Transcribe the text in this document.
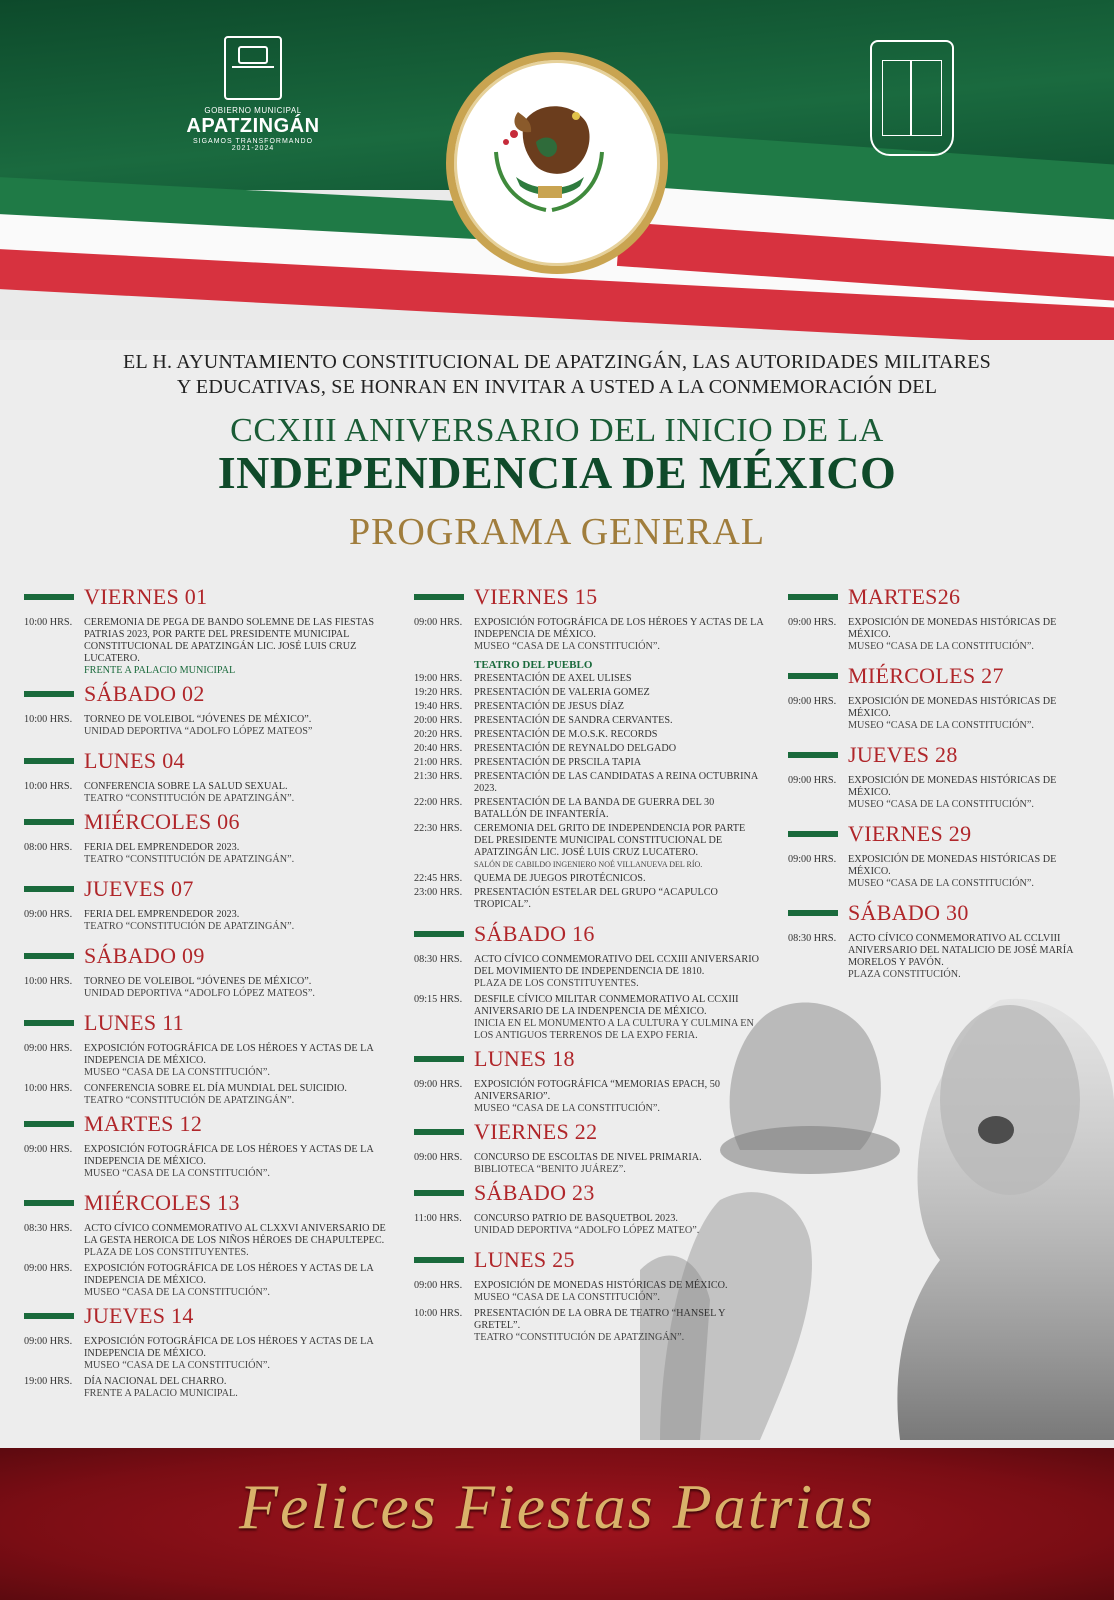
GOBIERNO MUNICIPAL
APATZINGÁN
SIGAMOS TRANSFORMANDO
2021-2024
EL H. AYUNTAMIENTO CONSTITUCIONAL DE APATZINGÁN, LAS AUTORIDADES MILITARES
Y EDUCATIVAS, SE HONRAN EN INVITAR A USTED A LA CONMEMORACIÓN DEL
CCXIII ANIVERSARIO DEL INICIO DE LA
INDEPENDENCIA DE MÉXICO
PROGRAMA GENERAL
VIERNES 01
10:00 HRS.	CEREMONIA DE PEGA DE BANDO SOLEMNE DE LAS FIESTAS PATRIAS 2023, POR PARTE DEL PRESIDENTE MUNICIPAL CONSTITUCIONAL DE APATZINGÁN LIC. JOSÉ LUIS CRUZ LUCATERO.
FRENTE A PALACIO MUNICIPAL
SÁBADO 02
10:00 HRS.	TORNEO DE VOLEIBOL “JÓVENES DE MÉXICO”.
UNIDAD DEPORTIVA “ADOLFO LÓPEZ MATEOS”
LUNES 04
10:00 HRS.	CONFERENCIA SOBRE LA SALUD SEXUAL.
TEATRO “CONSTITUCIÓN DE APATZINGÁN”.
MIÉRCOLES 06
08:00 HRS.	FERIA DEL EMPRENDEDOR 2023.
TEATRO “CONSTITUCIÓN DE APATZINGÁN”.
JUEVES 07
09:00 HRS.	FERIA DEL EMPRENDEDOR 2023.
TEATRO “CONSTITUCIÓN DE APATZINGÁN”.
SÁBADO 09
10:00 HRS.	TORNEO DE VOLEIBOL “JÓVENES DE MÉXICO”.
UNIDAD DEPORTIVA “ADOLFO LÓPEZ MATEOS”.
LUNES 11
09:00 HRS.	EXPOSICIÓN FOTOGRÁFICA DE LOS HÉROES Y ACTAS DE LA INDEPENCIA DE MÉXICO.
MUSEO “CASA DE LA CONSTITUCIÓN”.
10:00 HRS.	CONFERENCIA SOBRE EL DÍA MUNDIAL DEL SUICIDIO.
TEATRO “CONSTITUCIÓN DE APATZINGÁN”.
MARTES 12
09:00 HRS.	EXPOSICIÓN FOTOGRÁFICA DE LOS HÉROES Y ACTAS DE LA INDEPENCIA DE MÉXICO.
MUSEO “CASA DE LA CONSTITUCIÓN”.
MIÉRCOLES 13
08:30 HRS.	ACTO CÍVICO CONMEMORATIVO AL CLXXVI ANIVERSARIO DE LA GESTA HEROICA DE LOS NIÑOS HÉROES DE CHAPULTEPEC.
PLAZA DE LOS CONSTITUYENTES.
09:00 HRS.	EXPOSICIÓN FOTOGRÁFICA DE LOS HÉROES Y ACTAS DE LA INDEPENCIA DE MÉXICO.
MUSEO “CASA DE LA CONSTITUCIÓN”.
JUEVES 14
09:00 HRS.	EXPOSICIÓN FOTOGRÁFICA DE LOS HÉROES Y ACTAS DE LA INDEPENCIA DE MÉXICO.
MUSEO “CASA DE LA CONSTITUCIÓN”.
19:00 HRS.	DÍA NACIONAL DEL CHARRO.
FRENTE A PALACIO MUNICIPAL.
VIERNES 15
09:00 HRS.	EXPOSICIÓN FOTOGRÁFICA DE LOS HÉROES Y ACTAS DE LA INDEPENCIA DE MÉXICO.
MUSEO “CASA DE LA CONSTITUCIÓN”.
TEATRO DEL PUEBLO
19:00 HRS.	PRESENTACIÓN DE AXEL ULISES
19:20 HRS.	PRESENTACIÓN DE VALERIA GOMEZ
19:40 HRS.	PRESENTACIÓN DE JESUS DÍAZ
20:00 HRS.	PRESENTACIÓN DE SANDRA CERVANTES.
20:20 HRS.	PRESENTACIÓN DE M.O.S.K. RECORDS
20:40 HRS.	PRESENTACIÓN DE REYNALDO DELGADO
21:00 HRS.	PRESENTACIÓN DE PRSCILA TAPIA
21:30 HRS.	PRESENTACIÓN DE LAS CANDIDATAS A REINA OCTUBRINA 2023.
22:00 HRS.	PRESENTACIÓN DE LA BANDA DE GUERRA DEL 30 BATALLÓN DE INFANTERÍA.
22:30 HRS.	CEREMONIA DEL GRITO DE INDEPENDENCIA POR PARTE DEL PRESIDENTE MUNICIPAL CONSTITUCIONAL DE APATZINGÁN LIC. JOSÉ LUIS CRUZ LUCATERO.
SALÓN DE CABILDO INGENIERO NOÉ VILLANUEVA DEL RÍO.
22:45 HRS.	QUEMA DE JUEGOS PIROTÉCNICOS.
23:00 HRS.	PRESENTACIÓN ESTELAR DEL GRUPO “ACAPULCO TROPICAL”.
SÁBADO 16
08:30 HRS.	ACTO CÍVICO CONMEMORATIVO DEL CCXIII ANIVERSARIO DEL MOVIMIENTO DE INDEPENDENCIA DE 1810.
PLAZA DE LOS CONSTITUYENTES.
09:15 HRS.	DESFILE CÍVICO MILITAR CONMEMORATIVO AL CCXIII ANIVERSARIO DE LA INDENPENCIA DE MÉXICO.
INICIA EN EL MONUMENTO A LA CULTURA Y CULMINA EN LOS ANTIGUOS TERRENOS DE LA EXPO FERIA.
LUNES 18
09:00 HRS.	EXPOSICIÓN FOTOGRÁFICA “MEMORIAS EPACH, 50 ANIVERSARIO”.
MUSEO “CASA DE LA CONSTITUCIÓN”.
VIERNES 22
09:00 HRS.	CONCURSO DE ESCOLTAS DE NIVEL PRIMARIA.
BIBLIOTECA “BENITO JUÁREZ”.
SÁBADO 23
11:00 HRS.	CONCURSO PATRIO DE BASQUETBOL 2023.
UNIDAD DEPORTIVA “ADOLFO LÓPEZ MATEO”.
LUNES 25
09:00 HRS.	EXPOSICIÓN DE MONEDAS HISTÓRICAS DE MÉXICO.
MUSEO “CASA DE LA CONSTITUCIÓN”.
10:00 HRS.	PRESENTACIÓN DE LA OBRA DE TEATRO “HANSEL Y GRETEL”.
TEATRO “CONSTITUCIÓN DE APATZINGÁN”.
MARTES26
09:00 HRS.	EXPOSICIÓN DE MONEDAS HISTÓRICAS DE MÉXICO.
MUSEO “CASA DE LA CONSTITUCIÓN”.
MIÉRCOLES 27
09:00 HRS.	EXPOSICIÓN DE MONEDAS HISTÓRICAS DE MÉXICO.
MUSEO “CASA DE LA CONSTITUCIÓN”.
JUEVES 28
09:00 HRS.	EXPOSICIÓN DE MONEDAS HISTÓRICAS DE MÉXICO.
MUSEO “CASA DE LA CONSTITUCIÓN”.
VIERNES 29
09:00 HRS.	EXPOSICIÓN DE MONEDAS HISTÓRICAS DE MÉXICO.
MUSEO “CASA DE LA CONSTITUCIÓN”.
SÁBADO 30
08:30 HRS.	ACTO CÍVICO CONMEMORATIVO AL CCLVIII ANIVERSARIO DEL NATALICIO DE JOSÉ MARÍA MORELOS Y PAVÓN.
PLAZA CONSTITUCIÓN.
Felices Fiestas Patrias
